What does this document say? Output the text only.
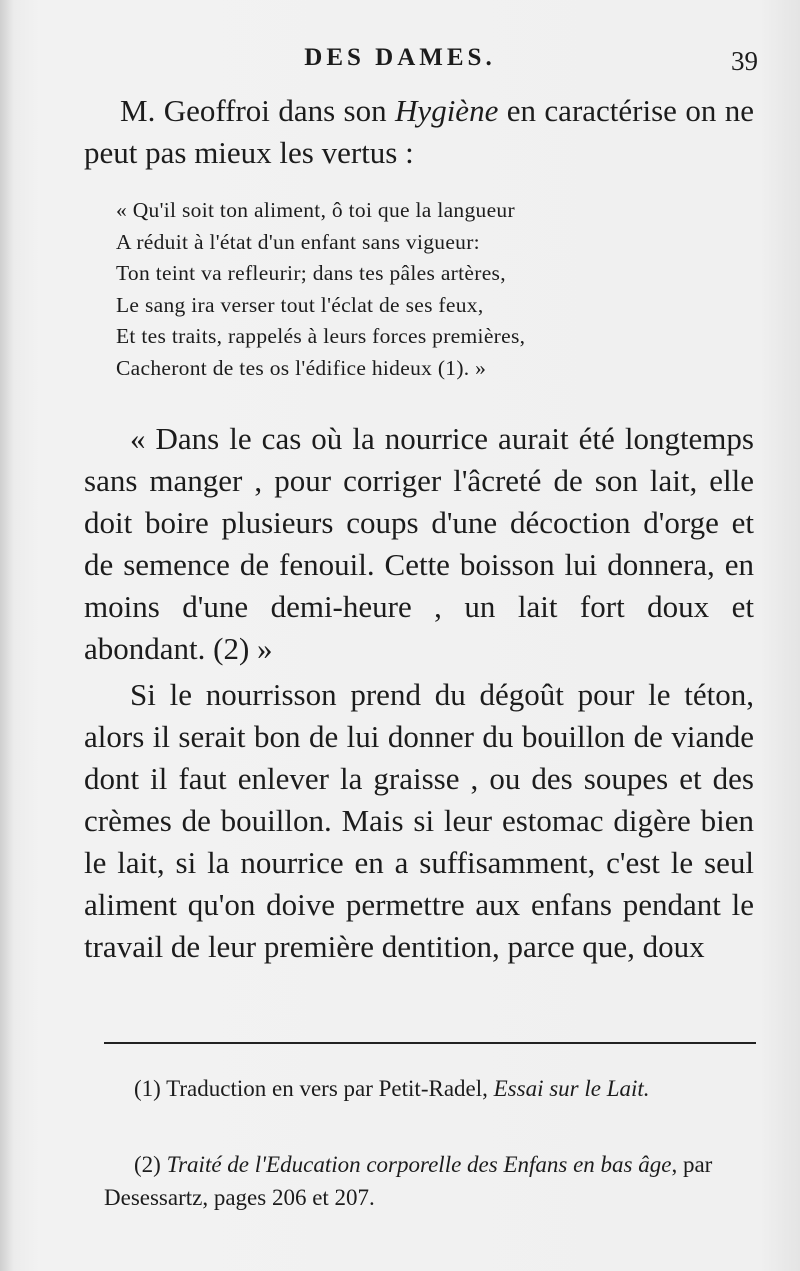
DES DAMES.	39

M. Geoffroi dans son Hygiène en caractérise on ne peut pas mieux les vertus :

« Qu'il soit ton aliment, ô toi que la langueur
A réduit à l'état d'un enfant sans vigueur:
Ton teint va refleurir; dans tes pâles artères,
Le sang ira verser tout l'éclat de ses feux,
Et tes traits, rappelés à leurs forces premières,
Cacheront de tes os l'édifice hideux (1). »

« Dans le cas où la nourrice aurait été longtemps sans manger , pour corriger l'âcreté de son lait, elle doit boire plusieurs coups d'une décoction d'orge et de semence de fenouil. Cette boisson lui donnera, en moins d'une demi-heure , un lait fort doux et abondant. (2) »

Si le nourrisson prend du dégoût pour le téton, alors il serait bon de lui donner du bouillon de viande dont il faut enlever la graisse , ou des soupes et des crèmes de bouillon. Mais si leur estomac digère bien le lait, si la nourrice en a suffisamment, c'est le seul aliment qu'on doive permettre aux enfans pendant le travail de leur première dentition, parce que, doux

(1) Traduction en vers par Petit-Radel, Essai sur le Lait.

(2) Traité de l'Education corporelle des Enfans en bas âge, par Desessartz, pages 206 et 207.
